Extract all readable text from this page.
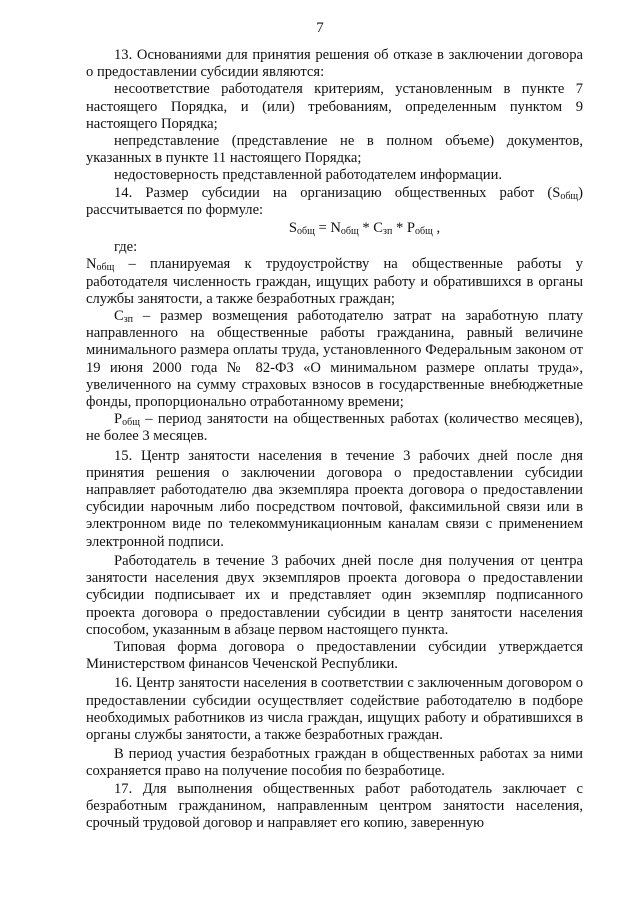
7

13. Основаниями для принятия решения об отказе в заключении договора о предоставлении субсидии являются:

несоответствие работодателя критериям, установленным в пункте 7 настоящего Порядка, и (или) требованиям, определенным пунктом 9 настоящего Порядка;

непредставление (представление не в полном объеме) документов, указанных в пункте 11 настоящего Порядка;

недостоверность представленной работодателем информации.

14. Размер субсидии на организацию общественных работ $(S_{общ})$ рассчитывается по формуле:

$S_{общ} = N_{общ} * C_{зп} * P_{общ}$ ,

где:

$N_{общ}$ – планируемая к трудоустройству на общественные работы у работодателя численность граждан, ищущих работу и обратившихся в органы службы занятости, а также безработных граждан;

$C_{зп}$ – размер возмещения работодателю затрат на заработную плату направленного на общественные работы гражданина, равный величине минимального размера оплаты труда, установленного Федеральным законом от 19 июня 2000 года № 82-ФЗ «О минимальном размере оплаты труда», увеличенного на сумму страховых взносов в государственные внебюджетные фонды, пропорционально отработанному времени;

$P_{общ}$ – период занятости на общественных работах (количество месяцев), не более 3 месяцев.

15. Центр занятости населения в течение 3 рабочих дней после дня принятия решения о заключении договора о предоставлении субсидии направляет работодателю два экземпляра проекта договора о предоставлении субсидии нарочным либо посредством почтовой, факсимильной связи или в электронном виде по телекоммуникационным каналам связи с применением электронной подписи.

Работодатель в течение 3 рабочих дней после дня получения от центра занятости населения двух экземпляров проекта договора о предоставлении субсидии подписывает их и представляет один экземпляр подписанного проекта договора о предоставлении субсидии в центр занятости населения способом, указанным в абзаце первом настоящего пункта.

Типовая форма договора о предоставлении субсидии утверждается Министерством финансов Чеченской Республики.

16. Центр занятости населения в соответствии с заключенным договором о предоставлении субсидии осуществляет содействие работодателю в подборе необходимых работников из числа граждан, ищущих работу и обратившихся в органы службы занятости, а также безработных граждан.

В период участия безработных граждан в общественных работах за ними сохраняется право на получение пособия по безработице.

17. Для выполнения общественных работ работодатель заключает с безработным гражданином, направленным центром занятости населения, срочный трудовой договор и направляет его копию, заверенную
